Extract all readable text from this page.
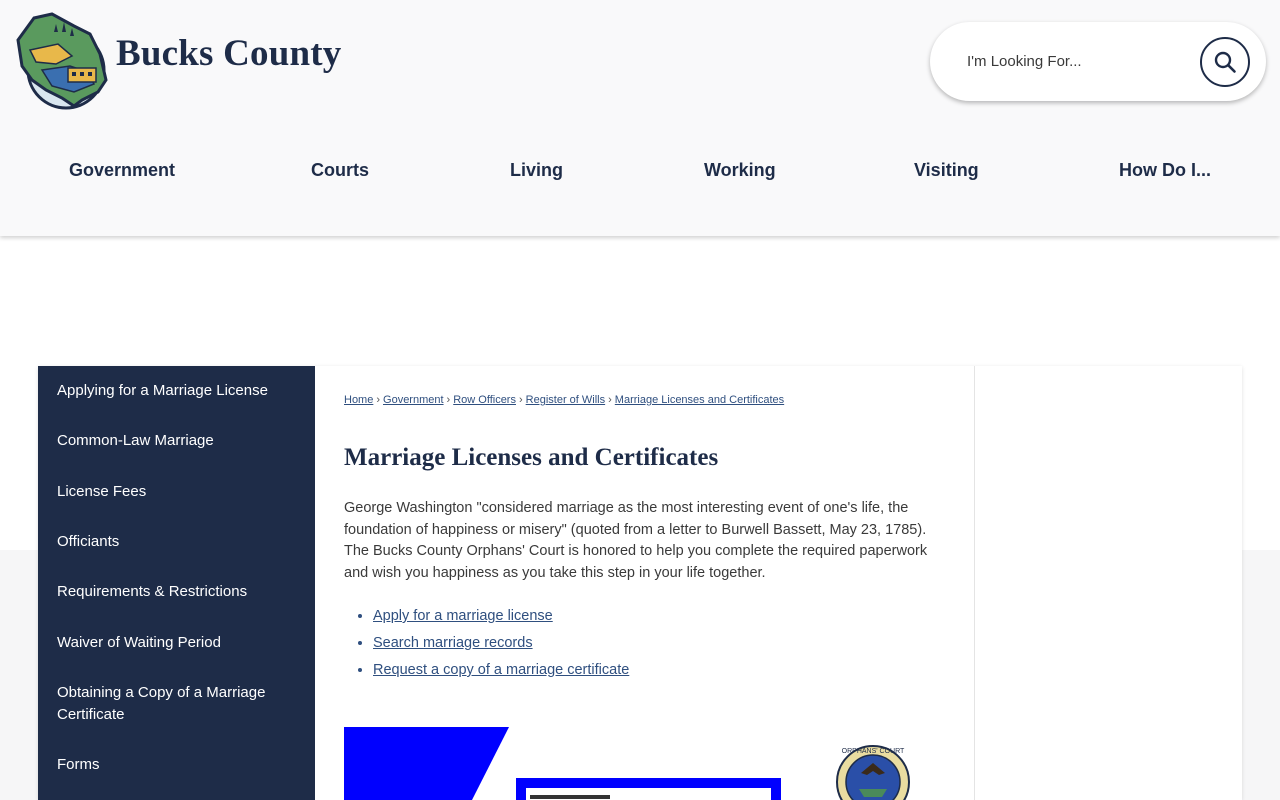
Bucks County
I'm Looking For...
Government	Courts	Living	Working	Visiting	How Do I...
Applying for a Marriage License
Common-Law Marriage
License Fees
Officiants
Requirements & Restrictions
Waiver of Waiting Period
Obtaining a Copy of a Marriage Certificate
Forms
Home › Government › Row Officers › Register of Wills › Marriage Licenses and Certificates
Marriage Licenses and Certificates

George Washington "considered marriage as the most interesting event of one's life, the foundation of happiness or misery" (quoted from a letter to Burwell Bassett, May 23, 1785). The Bucks County Orphans' Court is honored to help you complete the required paperwork and wish you happiness as you take this step in your life together.

• Apply for a marriage license
• Search marriage records
• Request a copy of a marriage certificate
ORPHANS' COURT
